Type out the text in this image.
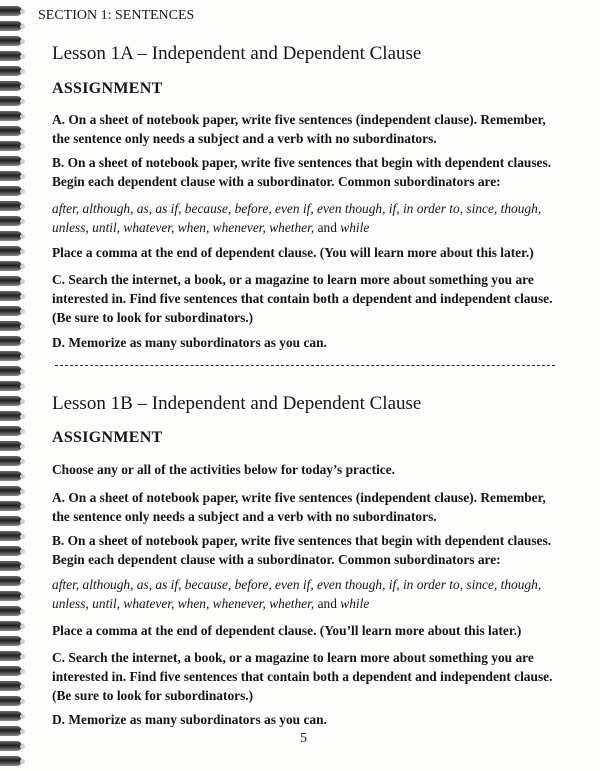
SECTION 1: SENTENCES
Lesson 1A – Independent and Dependent Clause
ASSIGNMENT
A. On a sheet of notebook paper, write five sentences (independent clause). Remember,
the sentence only needs a subject and a verb with no subordinators.
B. On a sheet of notebook paper, write five sentences that begin with dependent clauses.
Begin each dependent clause with a subordinator. Common subordinators are:
after, although, as, as if, because, before, even if, even though, if, in order to, since, though,
unless, until, whatever, when, whenever, whether, and while
Place a comma at the end of dependent clause. (You will learn more about this later.)
C. Search the internet, a book, or a magazine to learn more about something you are
interested in. Find five sentences that contain both a dependent and independent clause.
(Be sure to look for subordinators.)
D. Memorize as many subordinators as you can.
Lesson 1B – Independent and Dependent Clause
ASSIGNMENT
Choose any or all of the activities below for today’s practice.
A. On a sheet of notebook paper, write five sentences (independent clause). Remember,
the sentence only needs a subject and a verb with no subordinators.
B. On a sheet of notebook paper, write five sentences that begin with dependent clauses.
Begin each dependent clause with a subordinator. Common subordinators are:
after, although, as, as if, because, before, even if, even though, if, in order to, since, though,
unless, until, whatever, when, whenever, whether, and while
Place a comma at the end of dependent clause. (You’ll learn more about this later.)
C. Search the internet, a book, or a magazine to learn more about something you are
interested in. Find five sentences that contain both a dependent and independent clause.
(Be sure to look for subordinators.)
D. Memorize as many subordinators as you can.
5
